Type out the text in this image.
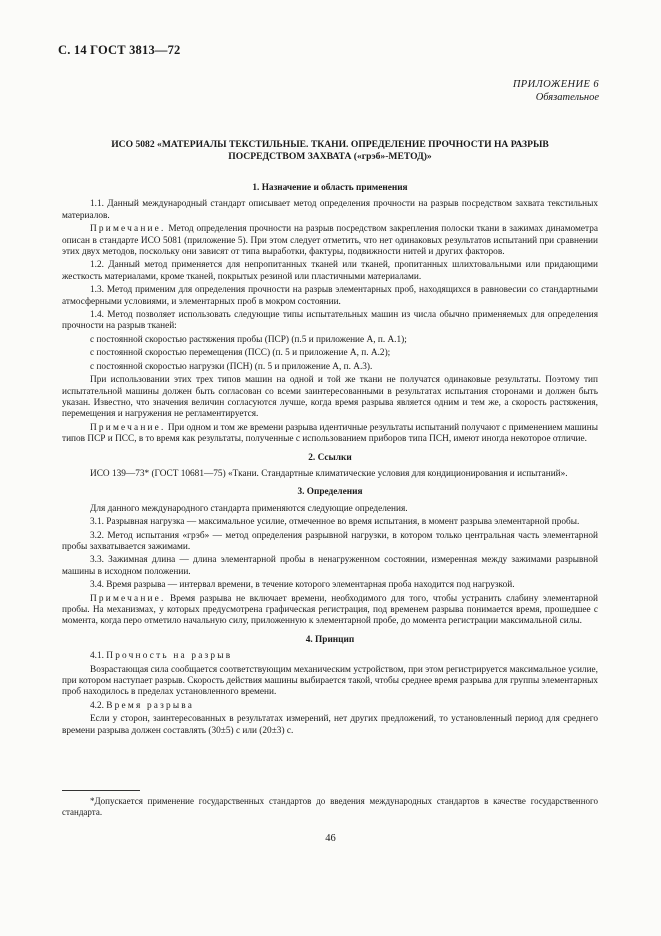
С. 14 ГОСТ 3813—72
ПРИЛОЖЕНИЕ 6
Обязательное
ИСО 5082 «МАТЕРИАЛЫ ТЕКСТИЛЬНЫЕ. ТКАНИ. ОПРЕДЕЛЕНИЕ ПРОЧНОСТИ НА РАЗРЫВ ПОСРЕДСТВОМ ЗАХВАТА («грэб»-МЕТОД)»
1. Назначение и область применения

1.1. Данный международный стандарт описывает метод определения прочности на разрыв посредством захвата текстильных материалов.

Примечание. Метод определения прочности на разрыв посредством закрепления полоски ткани в зажимах динамометра описан в стандарте ИСО 5081 (приложение 5). При этом следует отметить, что нет одинаковых результатов испытаний при сравнении этих двух методов, поскольку они зависят от типа выработки, фактуры, подвижности нитей и других факторов.

1.2. Данный метод применяется для непропитанных тканей или тканей, пропитанных шлихтовальными или придающими жесткость материалами, кроме тканей, покрытых резиной или пластичными материалами.

1.3. Метод применим для определения прочности на разрыв элементарных проб, находящихся в равновесии со стандартными атмосферными условиями, и элементарных проб в мокром состоянии.

1.4. Метод позволяет использовать следующие типы испытательных машин из числа обычно применяемых для определения прочности на разрыв тканей:

с постоянной скоростью растяжения пробы (ПСР) (п.5 и приложение А, п. А.1);

с постоянной скоростью перемещения (ПСС) (п. 5 и приложение А, п. А.2);

с постоянной скоростью нагрузки (ПСН) (п. 5 и приложение А, п. А.3).

При использовании этих трех типов машин на одной и той же ткани не получатся одинаковые результаты. Поэтому тип испытательной машины должен быть согласован со всеми заинтересованными в результатах испытания сторонами и должен быть указан. Известно, что значения величин согласуются лучше, когда время разрыва является одним и тем же, а скорость растяжения, перемещения и нагружения не регламентируется.

Примечание. При одном и том же времени разрыва идентичные результаты испытаний получают с применением машины типов ПСР и ПСС, в то время как результаты, полученные с использованием приборов типа ПСН, имеют иногда некоторое отличие.

2. Ссылки

ИСО 139—73* (ГОСТ 10681—75) «Ткани. Стандартные климатические условия для кондиционирования и испытаний».

3. Определения

Для данного международного стандарта применяются следующие определения.

3.1. Разрывная нагрузка — максимальное усилие, отмеченное во время испытания, в момент разрыва элементарной пробы.

3.2. Метод испытания «грэб» — метод определения разрывной нагрузки, в котором только центральная часть элементарной пробы захватывается зажимами.

3.3. Зажимная длина — длина элементарной пробы в ненагруженном состоянии, измеренная между зажимами разрывной машины в исходном положении.

3.4. Время разрыва — интервал времени, в течение которого элементарная проба находится под нагрузкой.

Примечание. Время разрыва не включает времени, необходимого для того, чтобы устранить слабину элементарной пробы. На механизмах, у которых предусмотрена графическая регистрация, под временем разрыва понимается время, прошедшее с момента, когда перо отметило начальную силу, приложенную к элементарной пробе, до момента регистрации максимальной силы.

4. Принцип

4.1. Прочность на разрыв

Возрастающая сила сообщается соответствующим механическим устройством, при этом регистрируется максимальное усилие, при котором наступает разрыв. Скорость действия машины выбирается такой, чтобы среднее время разрыва для группы элементарных проб находилось в пределах установленного времени.

4.2. Время разрыва

Если у сторон, заинтересованных в результатах измерений, нет других предложений, то установленный период для среднего времени разрыва должен составлять (30±5) с или (20±3) с.

*Допускается применение государственных стандартов до введения международных стандартов в качестве государственного стандарта.
46
